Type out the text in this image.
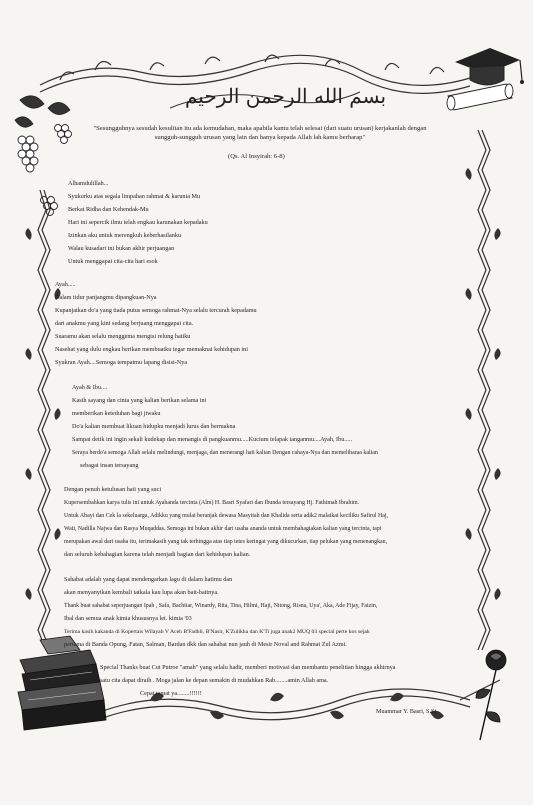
بسم الله الرحمن الرحيم
"Sesungguhnya sesudah kesulitan itu ada kemudahan, maka apabila kamu telah selesai (dari suatu urusan) kerjakanlah dengan
sungguh-sungguh urusan yang lain dan hanya kepada Allah lah kamu berharap"
(Qs. Al Insyirah: 6-8)
Alhamdulillah...
Syukurku atas segala limpahan rahmat & karunia Mu
Berkat Ridha dan Kehendak-Mu
Hari ini sepercik ilmu telah engkau karunakan kepadaku
Izinkan aku untuk merengkuh keberhasilanku
Walau kusadari ini bukan akhir perjuangan
Untuk menggapai cita-cita hari esok
Ayah.....
Dalam tidur panjangmu dipangkuan-Nya
Kupanjatkan do'a yang tiada putus semoga rahmat-Nya selalu tercurah kepadamu
dari anakmu yang kini sedang berjuang menggapai cita.
Suaramu akan selalu menggema mengisi relung hatiku
Nasehat yang dulu engkau berikan membuatku tegar memaknai kehidupan ini
Syukran Ayah....Semoga tempatmu lapang disisi-Nya
Ayah & Ibu....
Kasih sayang dan cinta yang kalian berikan selama ini
memberikan keteduhan bagi jiwaku
Do'a kalian membuat likuan hidupku menjadi lurus dan bermakna
Sampai detik ini ingin sekali kudekap dan menangis di pangkuanmu.....Kucium telapak tanganmu....Ayah, Ibu.....
Seraya berdo'a semoga Allah selalu melindungi, menjaga, dan menerangi hati kalian Dengan cahaya-Nya dan memeliharaa kalian
sebagai insan tersayang
Dengan penuh ketulusan hati yang suci
Kupersembahkan karya tulis ini untuk Ayahanda tercinta (Alm) H. Basri Syafari dan Ibunda tersayang Hj. Fathimah Ibrahim.
Untuk Abayi dan Cek la sekeluarga, Adikku yang mulai beranjak dewasa Masyitah dan Khalida serta adik2 malaikat keciliku Safirul Haj,
Wati, Nadilla Najwa dan Rasya Muqaddas. Semoga ini bukan akhir dari usaha ananda untuk membahagiakan kalian yang tercinta, tapi
merupakan awal dari usaha itu, terimakasih yang tak terhingga atas tiap tetes keringat yang dikucurkan, tiap pelukan yang menenangkan,
dan seluruh kebahagian karena telah menjadi bagian dari kehidupan kalian.
Sahabat adalah yang dapat mendengarkan lagu di dalam hatimu dan
akan menyanyikan kembali tatkala kau lupa akan bait-baitnya.
Thank buat sahabat seperjuangan Ipah , Safa, Bachtiar, Winardy, Rita, Tina, Hilmi, Haji, Nitong, Risna, Uya', Aka, Ade Fijay, Faizin,
Ibal dan semua anak kimia khususnya let. kimia '03
Terima kasih kakanda di Kopertais Wilayah V Aceh B'Fadhli, B'Nasir, K'Zulikha dan K'Ti juga anak2 MUQ 03 special perte kos sejak
pertama di Banda Opung, Fatan, Salman, Bardan dkk dan sahabat nun jauh di Mesir Noval and Rahmat Zul Azmi.
Special Thanks buat Cut Putroe "amah" yang selalu hadir, memberi motivasi dan membantu penelitian hingga akhirnya
satu cita dapat diraih . Moga jalan ke depan semakin di mudahkan Rab........amin Allah ama.
Cepat tamat ya........!!!!!!
Muammar Y. Basri, S.Si
